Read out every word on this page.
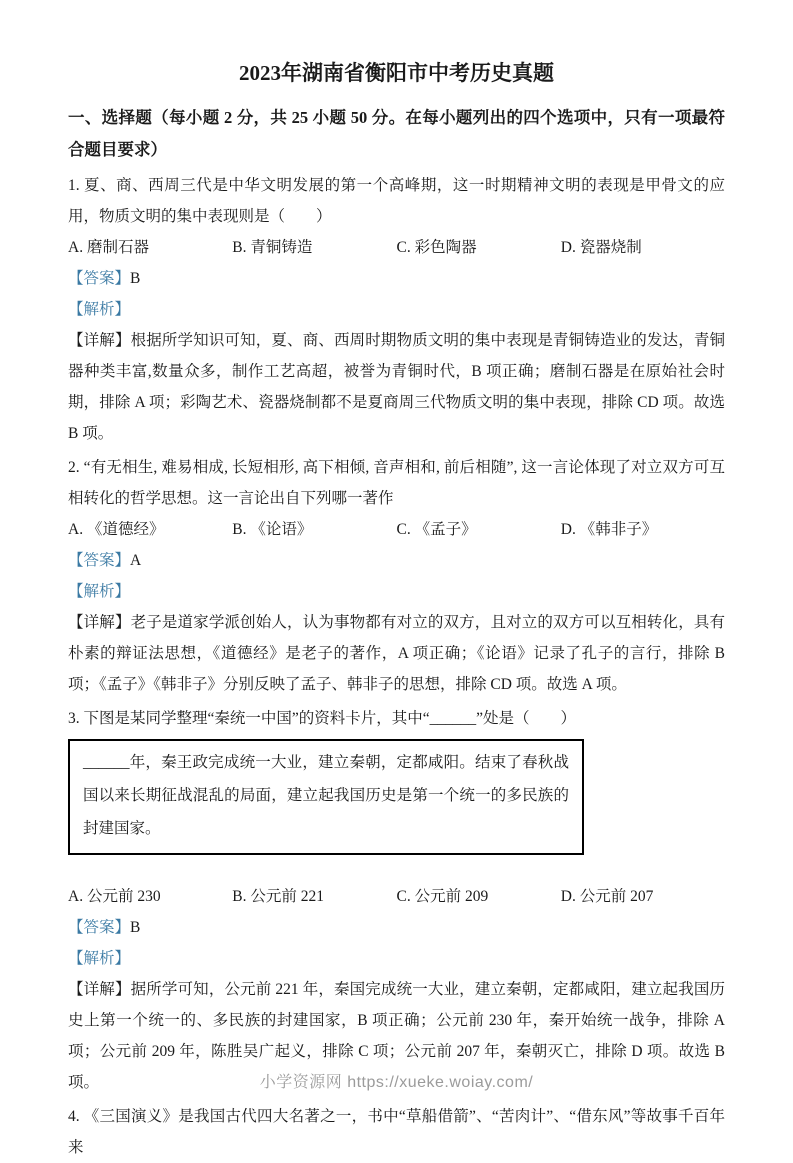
2023年湖南省衡阳市中考历史真题
一、选择题（每小题 2 分，共 25 小题 50 分。在每小题列出的四个选项中，只有一项最符合题目要求）

1. 夏、商、西周三代是中华文明发展的第一个高峰期，这一时期精神文明的表现是甲骨文的应用，物质文明的集中表现则是（　　）

A. 磨制石器	B. 青铜铸造	C. 彩色陶器	D. 瓷器烧制

【答案】B

【解析】

【详解】根据所学知识可知，夏、商、西周时期物质文明的集中表现是青铜铸造业的发达，青铜器种类丰富,数量众多，制作工艺高超，被誉为青铜时代，B 项正确；磨制石器是在原始社会时期，排除 A 项；彩陶艺术、瓷器烧制都不是夏商周三代物质文明的集中表现，排除 CD 项。故选 B 项。

2. “有无相生, 难易相成, 长短相形, 高下相倾, 音声相和, 前后相随”, 这一言论体现了对立双方可互相转化的哲学思想。这一言论出自下列哪一著作

A. 《道德经》	B. 《论语》	C. 《孟子》	D. 《韩非子》

【答案】A

【解析】

【详解】老子是道家学派创始人，认为事物都有对立的双方，且对立的双方可以互相转化，具有朴素的辩证法思想，《道德经》是老子的著作，A 项正确；《论语》记录了孔子的言行，排除 B 项；《孟子》《韩非子》分别反映了孟子、韩非子的思想，排除 CD 项。故选 A 项。

3. 下图是某同学整理“秦统一中国”的资料卡片，其中“______”处是（　　）

______年，秦王政完成统一大业，建立秦朝，定都咸阳。结束了春秋战国以来长期征战混乱的局面，建立起我国历史是第一个统一的多民族的封建国家。

A. 公元前 230	B. 公元前 221	C. 公元前 209	D. 公元前 207

【答案】B

【解析】

【详解】据所学可知，公元前 221 年，秦国完成统一大业，建立秦朝，定都咸阳，建立起我国历史上第一个统一的、多民族的封建国家，B 项正确；公元前 230 年，秦开始统一战争，排除 A 项；公元前 209 年，陈胜吴广起义，排除 C 项；公元前 207 年，秦朝灭亡，排除 D 项。故选 B 项。

4. 《三国演义》是我国古代四大名著之一，书中“草船借箭”、“苦肉计”、“借东风”等故事千百年来

小学资源网 https://xueke.woiay.com/
